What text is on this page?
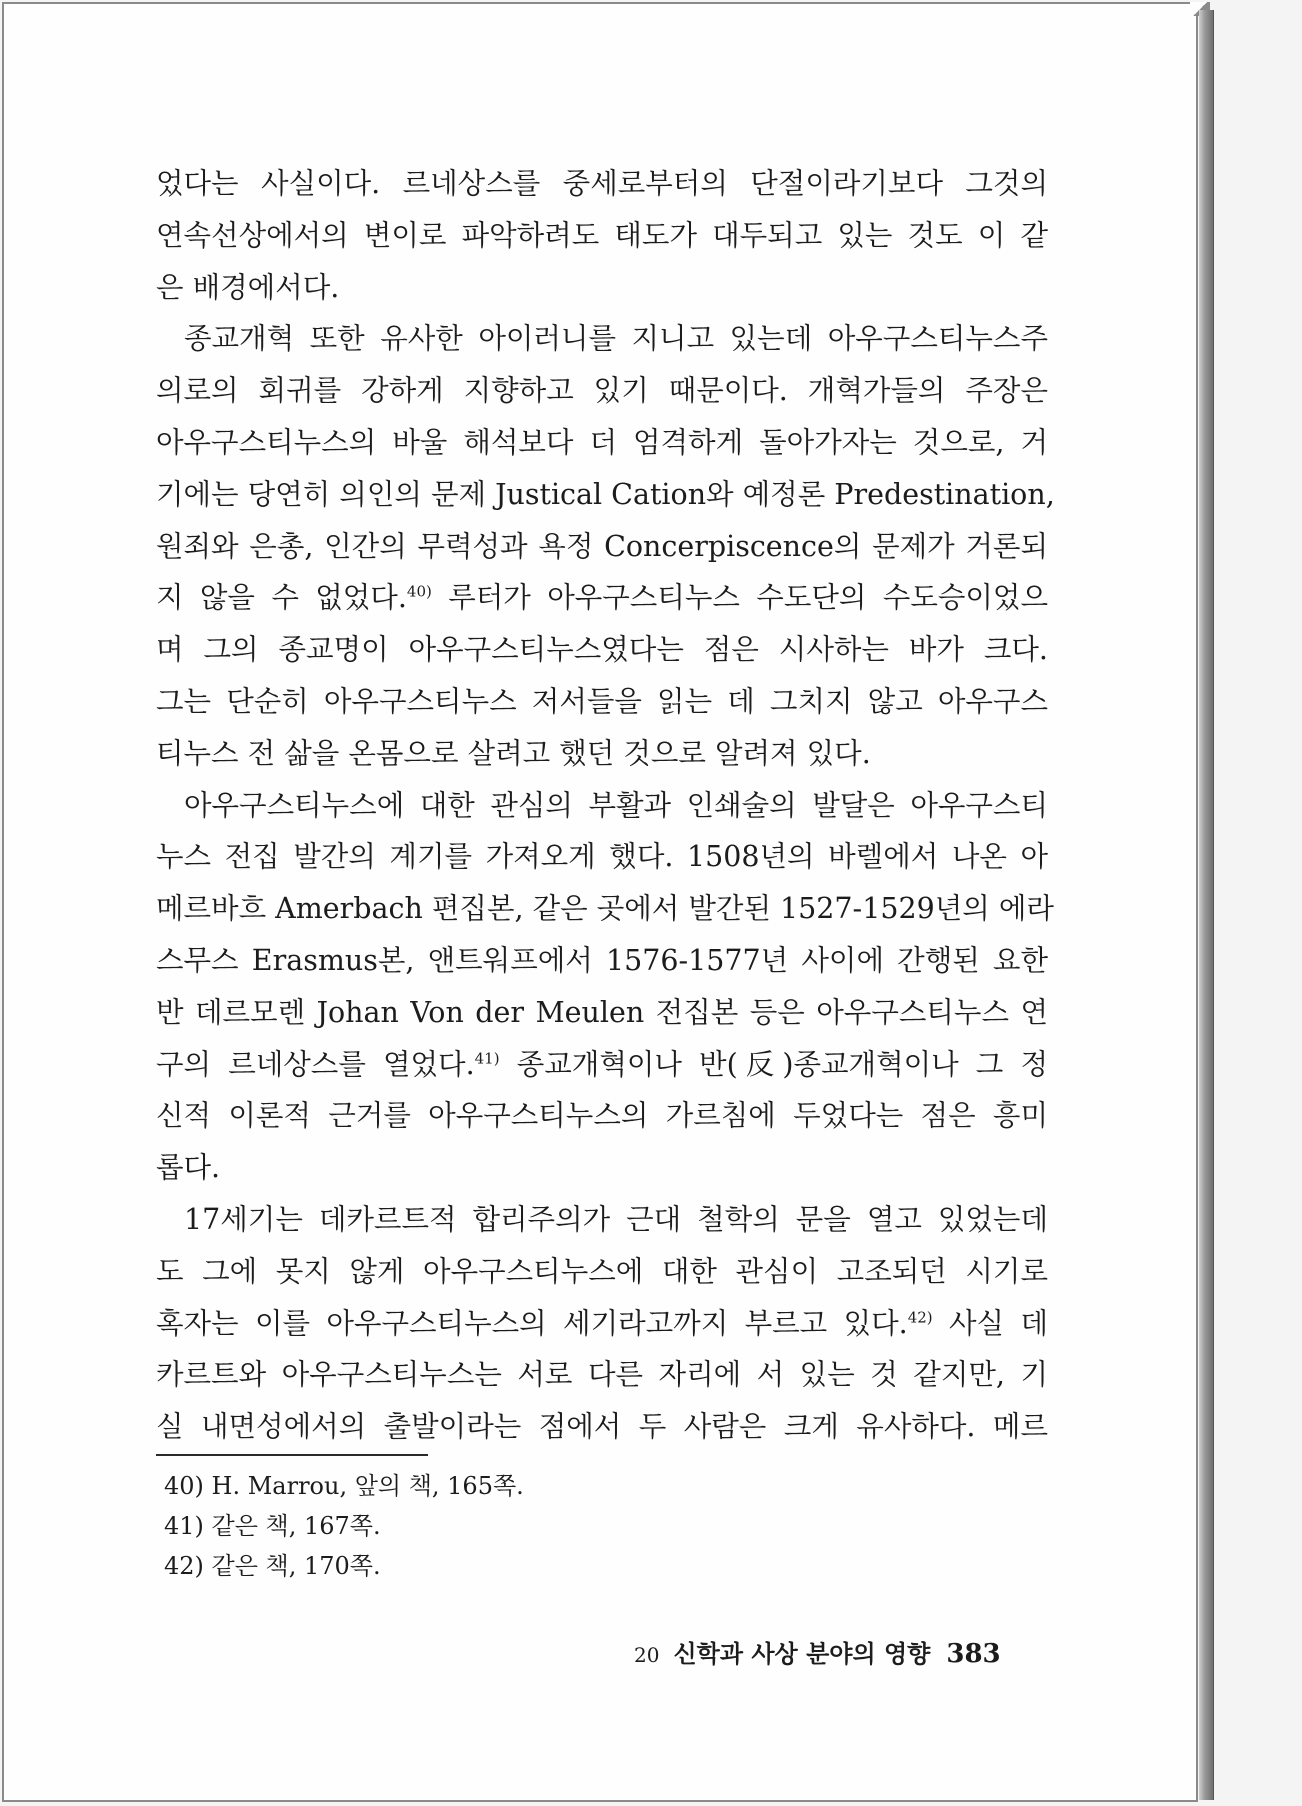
었다는 사실이다. 르네상스를 중세로부터의 단절이라기보다 그것의
연속선상에서의 변이로 파악하려도 태도가 대두되고 있는 것도 이 같
은 배경에서다.
종교개혁 또한 유사한 아이러니를 지니고 있는데 아우구스티누스주
의로의 회귀를 강하게 지향하고 있기 때문이다. 개혁가들의 주장은
아우구스티누스의 바울 해석보다 더 엄격하게 돌아가자는 것으로, 거
기에는 당연히 의인의 문제 Justical Cation와 예정론 Predestination,
원죄와 은총, 인간의 무력성과 욕정 Concerpiscence의 문제가 거론되
지 않을 수 없었다.$^{40)}$ 루터가 아우구스티누스 수도단의 수도승이었으
며 그의 종교명이 아우구스티누스였다는 점은 시사하는 바가 크다.
그는 단순히 아우구스티누스 저서들을 읽는 데 그치지 않고 아우구스
티누스 전 삶을 온몸으로 살려고 했던 것으로 알려져 있다.
아우구스티누스에 대한 관심의 부활과 인쇄술의 발달은 아우구스티
누스 전집 발간의 계기를 가져오게 했다. 1508년의 바렐에서 나온 아
메르바흐 Amerbach 편집본, 같은 곳에서 발간된 1527-1529년의 에라
스무스 Erasmus본, 앤트워프에서 1576-1577년 사이에 간행된 요한
반 데르모렌 Johan Von der Meulen 전집본 등은 아우구스티누스 연
구의 르네상스를 열었다.$^{41)}$ 종교개혁이나 반(反)종교개혁이나 그 정
신적 이론적 근거를 아우구스티누스의 가르침에 두었다는 점은 흥미
롭다.
17세기는 데카르트적 합리주의가 근대 철학의 문을 열고 있었는데
도 그에 못지 않게 아우구스티누스에 대한 관심이 고조되던 시기로
혹자는 이를 아우구스티누스의 세기라고까지 부르고 있다.$^{42)}$ 사실 데
카르트와 아우구스티누스는 서로 다른 자리에 서 있는 것 같지만, 기
실 내면성에서의 출발이라는 점에서 두 사람은 크게 유사하다. 메르
40) H. Marrou, 앞의 책, 165쪽.
41) 같은 책, 167쪽.
42) 같은 책, 170쪽.
20 신학과 사상 분야의 영향 383
